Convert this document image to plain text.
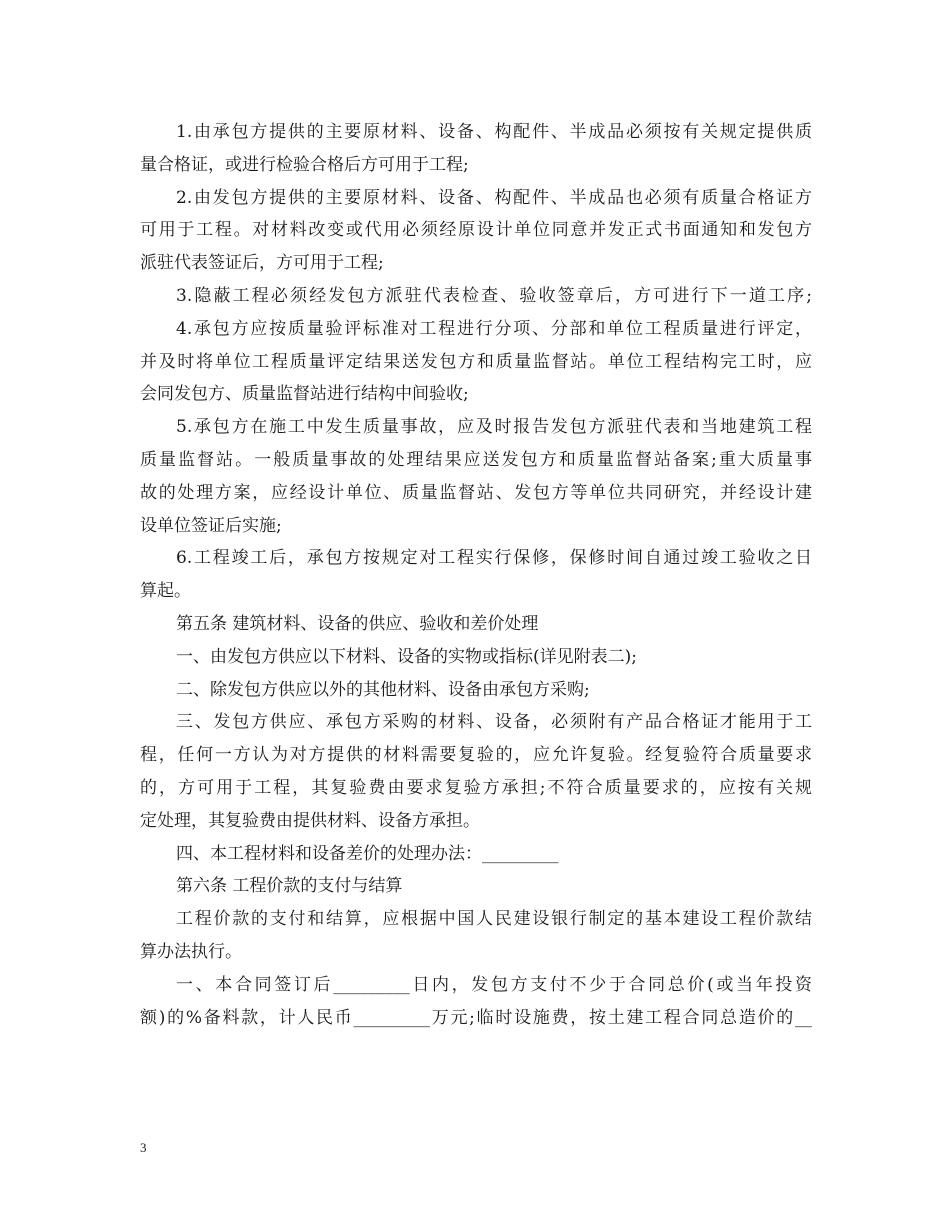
1.由承包方提供的主要原材料、设备、构配件、半成品必须按有关规定提供质
量合格证，或进行检验合格后方可用于工程;
2.由发包方提供的主要原材料、设备、构配件、半成品也必须有质量合格证方
可用于工程。对材料改变或代用必须经原设计单位同意并发正式书面通知和发包方
派驻代表签证后，方可用于工程;
3.隐蔽工程必须经发包方派驻代表检查、验收签章后，方可进行下一道工序;
4.承包方应按质量验评标准对工程进行分项、分部和单位工程质量进行评定，
并及时将单位工程质量评定结果送发包方和质量监督站。单位工程结构完工时，应
会同发包方、质量监督站进行结构中间验收;
5.承包方在施工中发生质量事故，应及时报告发包方派驻代表和当地建筑工程
质量监督站。一般质量事故的处理结果应送发包方和质量监督站备案;重大质量事
故的处理方案，应经设计单位、质量监督站、发包方等单位共同研究，并经设计建
设单位签证后实施;
6.工程竣工后，承包方按规定对工程实行保修，保修时间自通过竣工验收之日
算起。
第五条 建筑材料、设备的供应、验收和差价处理
一、由发包方供应以下材料、设备的实物或指标(详见附表二);
二、除发包方供应以外的其他材料、设备由承包方采购;
三、发包方供应、承包方采购的材料、设备，必须附有产品合格证才能用于工
程，任何一方认为对方提供的材料需要复验的，应允许复验。经复验符合质量要求
的，方可用于工程，其复验费由要求复验方承担;不符合质量要求的，应按有关规
定处理，其复验费由提供材料、设备方承担。
四、本工程材料和设备差价的处理办法：_________
第六条 工程价款的支付与结算
工程价款的支付和结算，应根据中国人民建设银行制定的基本建设工程价款结
算办法执行。
一、本合同签订后_________日内，发包方支付不少于合同总价(或当年投资
额)的%备料款，计人民币_________万元;临时设施费，按土建工程合同总造价的__
3
